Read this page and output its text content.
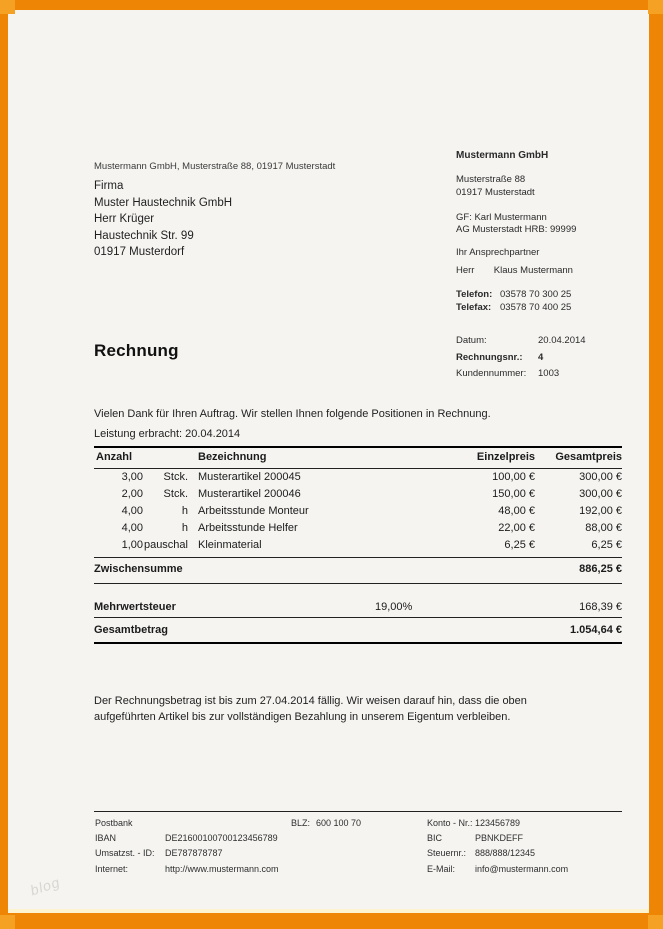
Mustermann GmbH, Musterstraße 88, 01917 Musterstadt
Firma
Muster Haustechnik GmbH
Herr Krüger
Haustechnik Str. 99
01917 Musterdorf
Mustermann GmbH
Musterstraße 88
01917 Musterstadt
GF: Karl Mustermann
AG Musterstadt HRB: 99999
Ihr Ansprechpartner
Herr Klaus Mustermann
Telefon: 03578 70 300 25
Telefax: 03578 70 400 25
Rechnung
Datum:	20.04.2014
Rechnungsnr.:	4
Kundennummer:	1003
Vielen Dank für Ihren Auftrag. Wir stellen Ihnen folgende Positionen in Rechnung.
Leistung erbracht: 20.04.2014
Anzahl	Bezeichnung	Einzelpreis	Gesamtpreis
3,00	Stck. Musterartikel 200045	100,00 €	300,00 €
2,00	Stck. Musterartikel 200046	150,00 €	300,00 €
4,00	h Arbeitsstunde Monteur	48,00 €	192,00 €
4,00	h Arbeitsstunde Helfer	22,00 €	88,00 €
1,00 pauschal Kleinmaterial	6,25 €	6,25 €
Zwischensumme	886,25 €
Mehrwertsteuer	19,00%	168,39 €
Gesamtbetrag	1.054,64 €
Der Rechnungsbetrag ist bis zum 27.04.2014 fällig. Wir weisen darauf hin, dass die oben aufgeführten Artikel bis zur vollständigen Bezahlung in unserem Eigentum verbleiben.
Postbank	BLZ: 600 100 70	Konto - Nr.: 123456789
IBAN	DE21600100700123456789	BIC	PBNKDEFF
Umsatzst. - ID: DE787878787	Steuernr.: 888/888/12345
Internet:	http://www.mustermann.com	E-Mail: info@mustermann.com
blog
